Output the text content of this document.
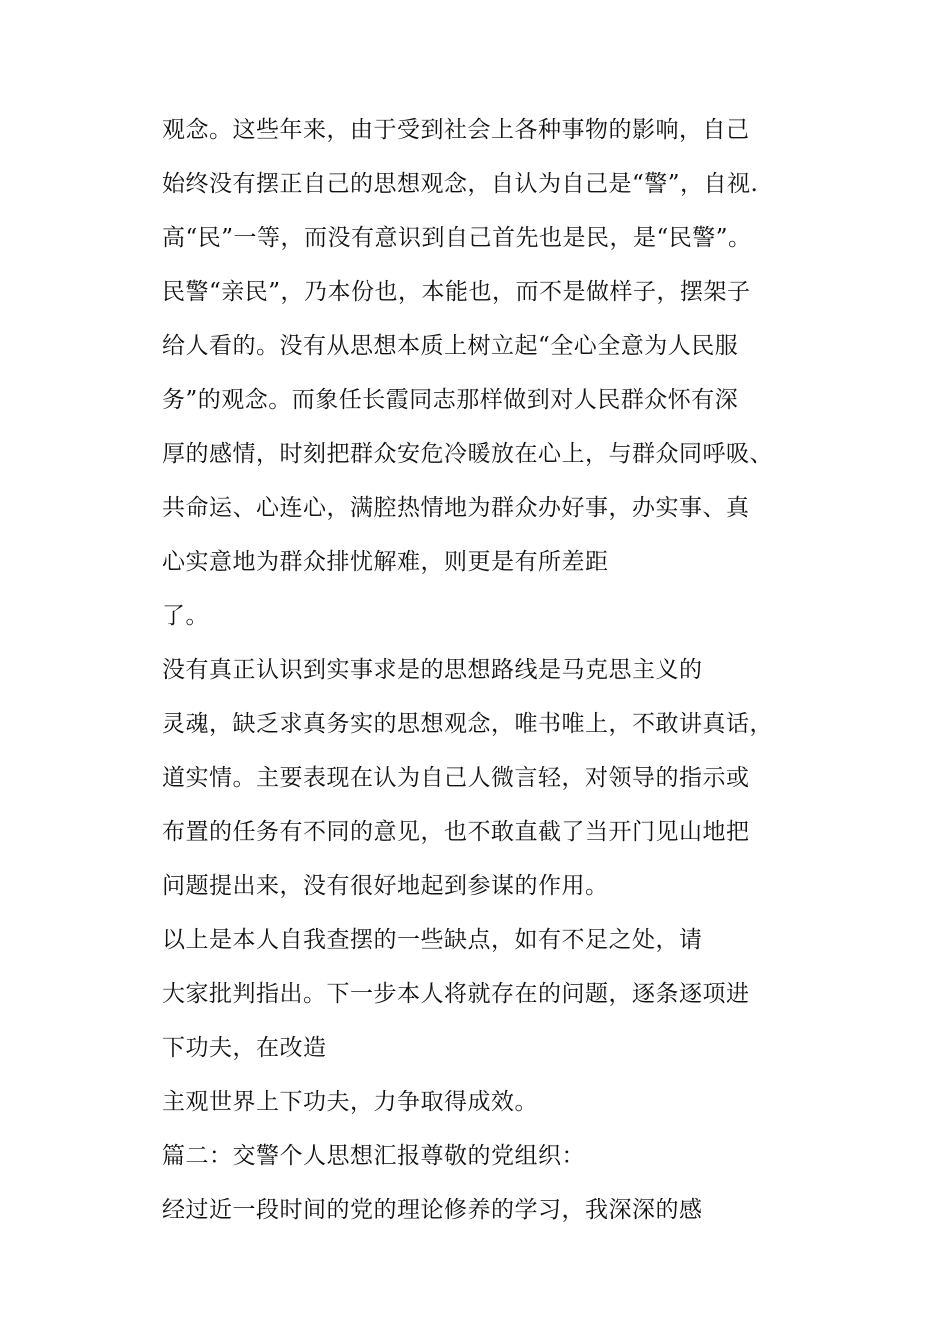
观念。这些年来，由于受到社会上各种事物的影响，自己
始终没有摆正自己的思想观念，自认为自己是“警”，自视.
高“民”一等，而没有意识到自己首先也是民，是“民警”。
民警“亲民”，乃本份也，本能也，而不是做样子，摆架子
给人看的。没有从思想本质上树立起“全心全意为人民服
务”的观念。而象任长霞同志那样做到对人民群众怀有深
厚的感情，时刻把群众安危冷暖放在心上，与群众同呼吸、
共命运、心连心，满腔热情地为群众办好事，办实事、真
心实意地为群众排忧解难，则更是有所差距
了。
没有真正认识到实事求是的思想路线是马克思主义的
灵魂，缺乏求真务实的思想观念，唯书唯上，不敢讲真话，
道实情。主要表现在认为自己人微言轻，对领导的指示或
布置的任务有不同的意见，也不敢直截了当开门见山地把
问题提出来，没有很好地起到参谋的作用。
以上是本人自我查摆的一些缺点，如有不足之处，请
大家批判指出。下一步本人将就存在的问题，逐条逐项进
下功夫，在改造
主观世界上下功夫，力争取得成效。
篇二：交警个人思想汇报尊敬的党组织：
经过近一段时间的党的理论修养的学习，我深深的感
